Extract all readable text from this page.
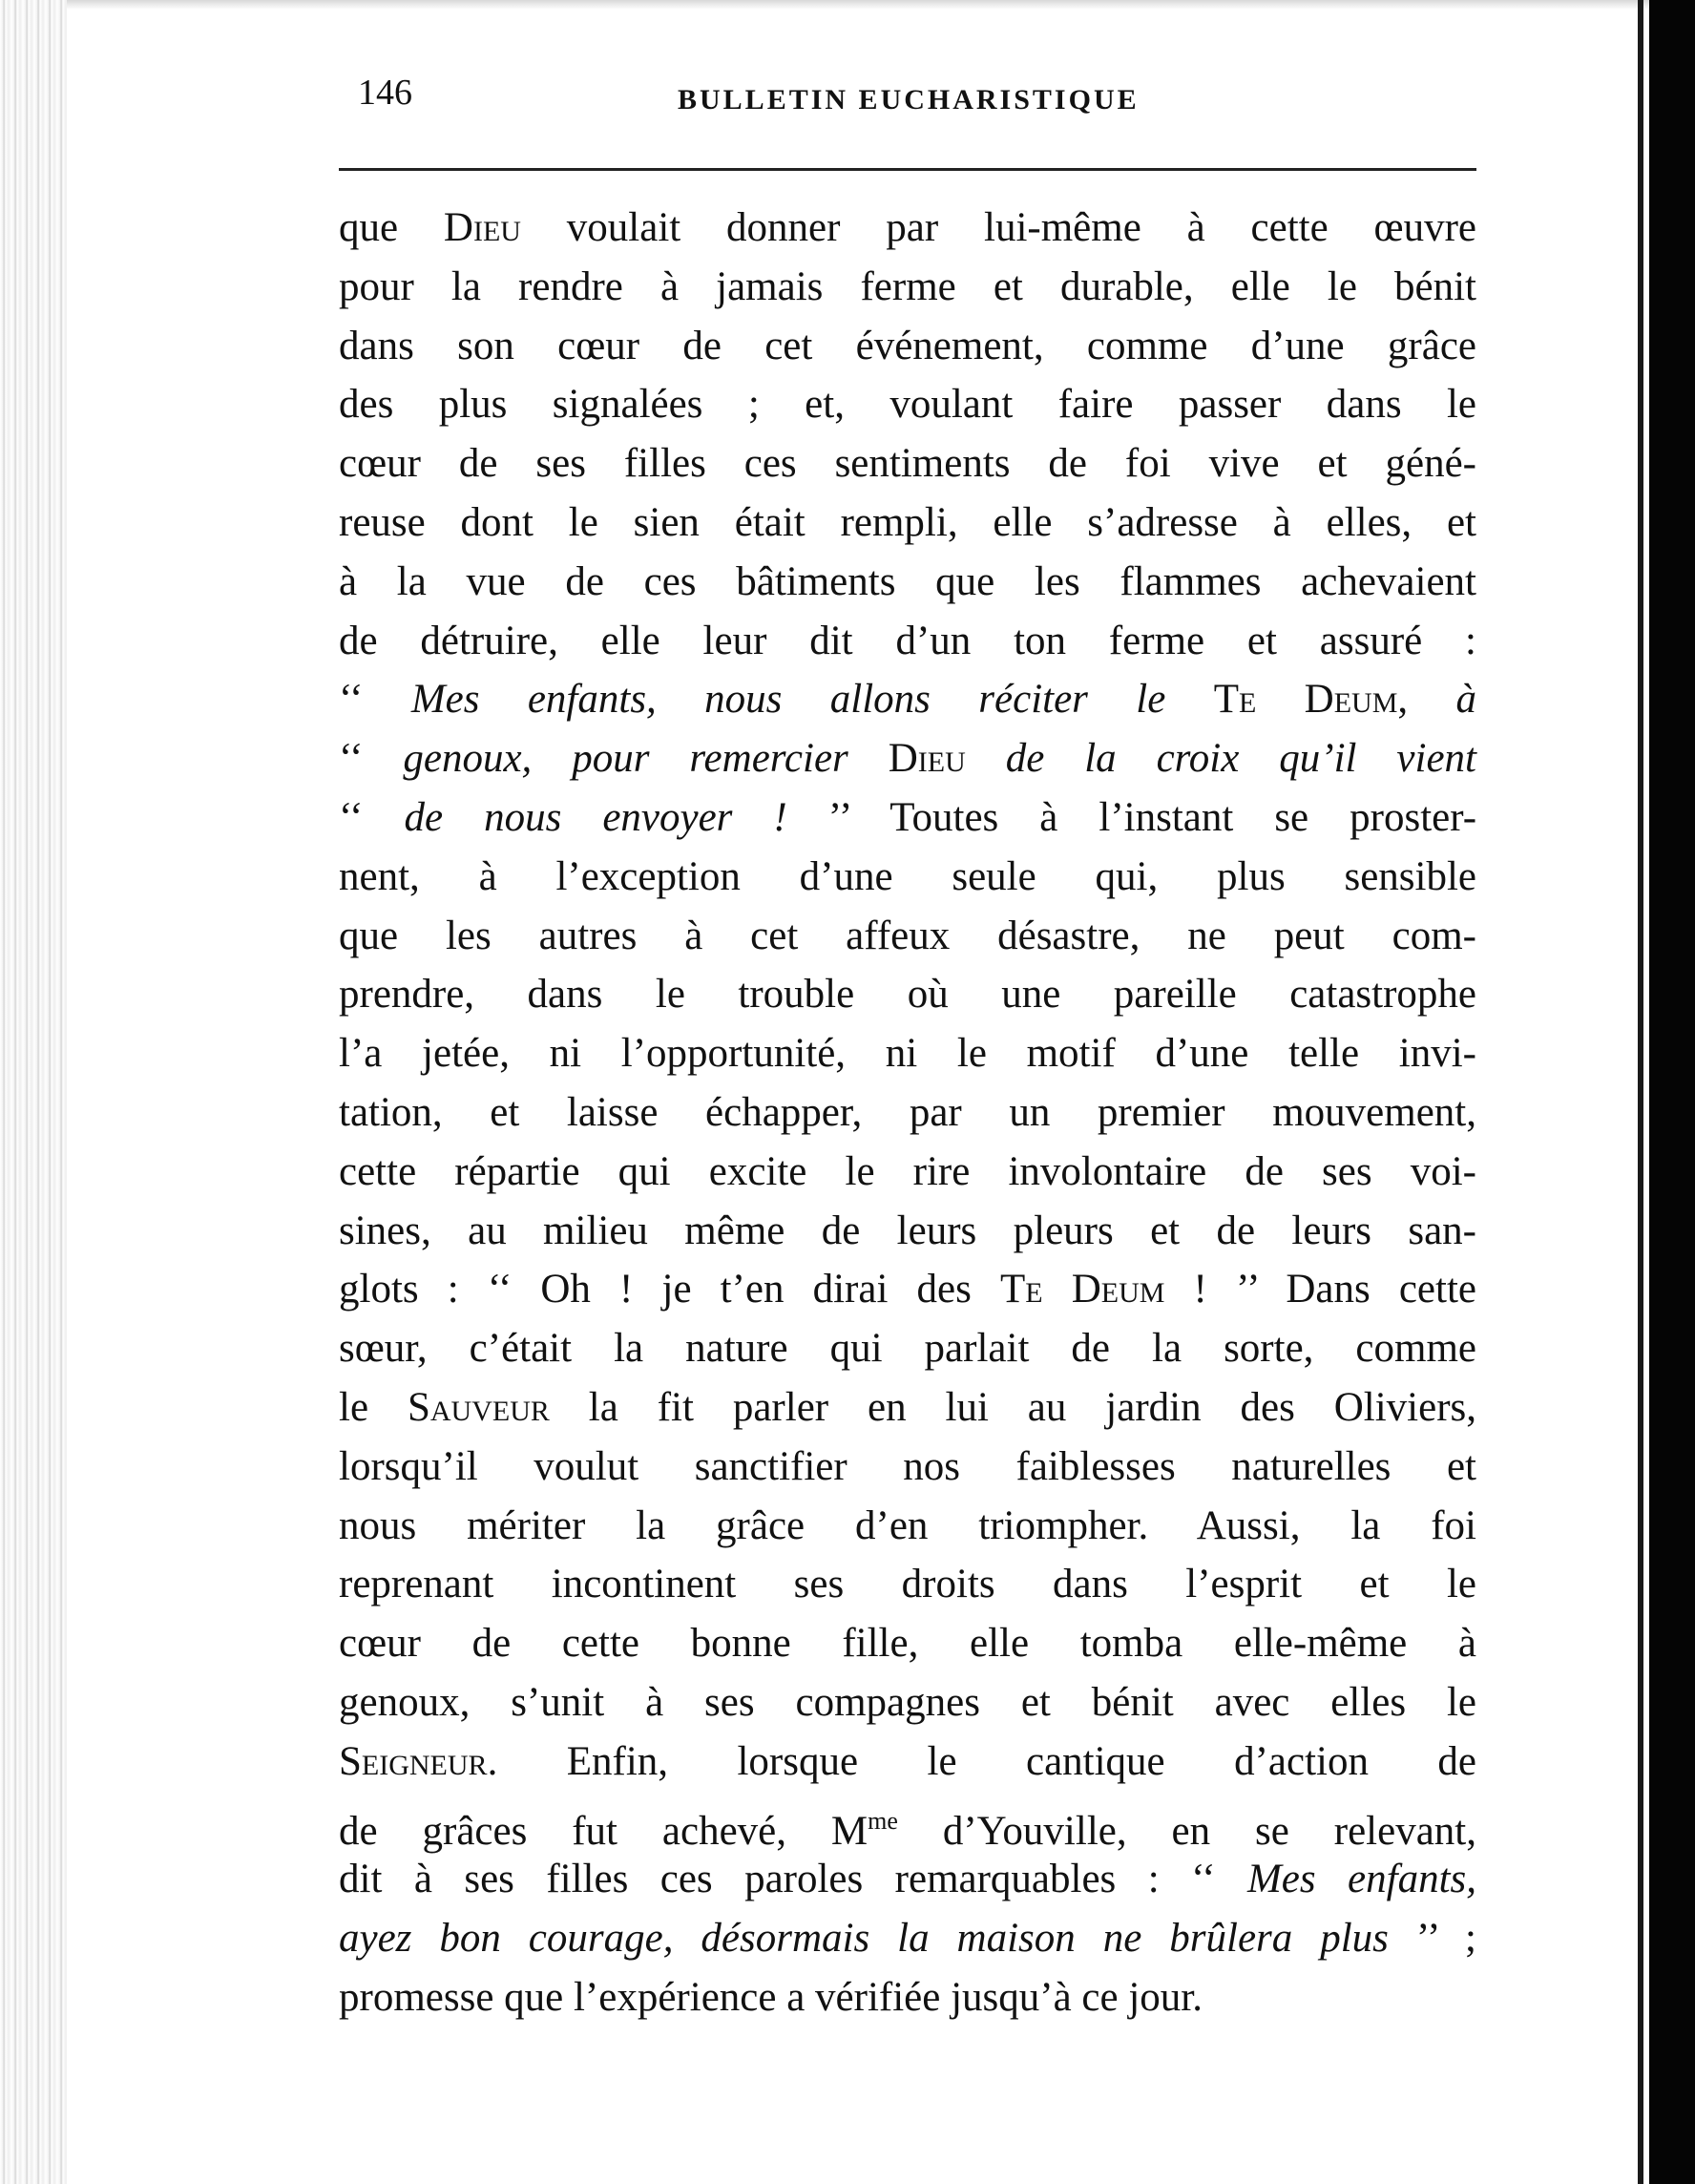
146	BULLETIN EUCHARISTIQUE
que Dieu voulait donner par lui-même à cette œuvre
pour la rendre à jamais ferme et durable, elle le bénit
dans son cœur de cet événement, comme d’une grâce
des plus signalées ; et, voulant faire passer dans le
cœur de ses filles ces sentiments de foi vive et géné-
reuse dont le sien était rempli, elle s’adresse à elles, et
à la vue de ces bâtiments que les flammes achevaient
de détruire, elle leur dit d’un ton ferme et assuré :
‘‘ Mes enfants, nous allons réciter le Te Deum, à
‘‘ genoux, pour remercier Dieu de la croix qu’il vient
‘‘ de nous envoyer ! ’’ Toutes à l’instant se proster-
nent, à l’exception d’une seule qui, plus sensible
que les autres à cet affeux désastre, ne peut com-
prendre, dans le trouble où une pareille catastrophe
l’a jetée, ni l’opportunité, ni le motif d’une telle invi-
tation, et laisse échapper, par un premier mouvement,
cette répartie qui excite le rire involontaire de ses voi-
sines, au milieu même de leurs pleurs et de leurs san-
glots : ‘‘ Oh ! je t’en dirai des Te Deum ! ’’ Dans cette
sœur, c’était la nature qui parlait de la sorte, comme
le Sauveur la fit parler en lui au jardin des Oliviers,
lorsqu’il voulut sanctifier nos faiblesses naturelles et
nous mériter la grâce d’en triompher. Aussi, la foi
reprenant incontinent ses droits dans l’esprit et le
cœur de cette bonne fille, elle tomba elle-même à
genoux, s’unit à ses compagnes et bénit avec elles le
Seigneur. Enfin, lorsque le cantique d’action de
de grâces fut achevé, $M^{me}$ d’Youville, en se relevant,
dit à ses filles ces paroles remarquables : ‘‘ Mes enfants,
ayez bon courage, désormais la maison ne brûlera plus ’’ ;
promesse que l’expérience a vérifiée jusqu’à ce jour.
